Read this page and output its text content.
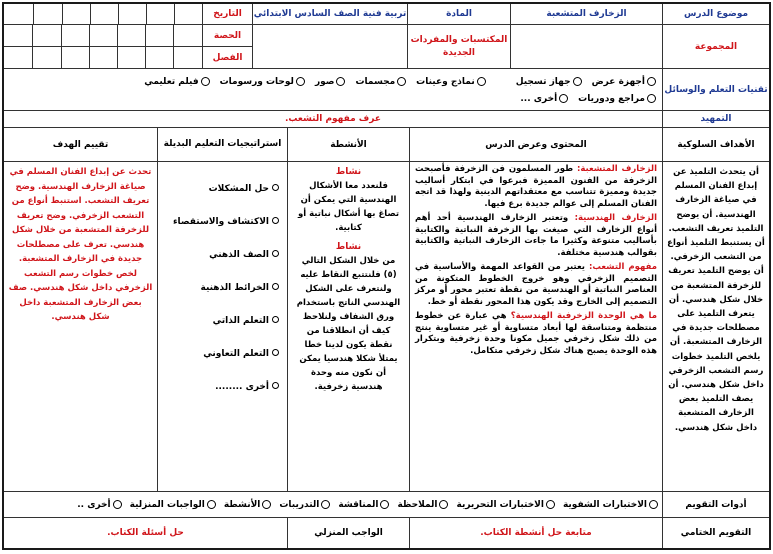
موضوع الدرس
الزخارف المتشعبة
المادة
تربية فنية الصف السادس الابتدائي
التاريخ
المجموعة
المكتسبات والمفردات الجديدة
الحصة
الفصل
تقنيات التعلم والوسائل
أجهزة عرض
جهاز تسجيل
نماذج وعينات
مجسمات
صور
لوحات ورسومات
فيلم تعليمي
مراجع ودوريات
أخرى ...
التمهيد
عرف مفهوم التشعب.
الأهداف السلوكية
المحتوى وعرض الدرس
الأنشطة
استراتيجيات التعليم البديلة
تقييم الهدف
أن يتحدث التلميذ عن إبداع الفنان المسلم في صياغة الزخارف الهندسية. أن يوضح التلميذ تعريف التشعب. أن يستنبط التلميذ أنواع من التشعب الزخرفي. أن يوضح التلميذ تعريف للزخرفة المتشعبة من خلال شكل هندسي. أن يتعرف التلميذ على مصطلحات جديدة في الزخارف المتشعبة. أن يلخص التلميذ خطوات رسم التشعب الزخرفي داخل شكل هندسي. أن يصف التلميذ بعض الزخارف المتشعبة داخل شكل هندسي.
الزخارف المتشعبة: طور المسلمون فن الزخرفة فأصبحت الزخرفة من الفنون المميزة فبرعوا في ابتكار أساليب جديدة ومميزة تتناسب مع معتقداتهم الدينية ولهذا قد اتجه الفنان المسلم إلى عوالم جديدة برع فيها.
الزخارف الهندسية: وتعتبر الزخارف الهندسية أحد أهم أنواع الزخارف التي صيغت بها الزخرفة النباتية والكتابية بأساليب متنوعة وكثيرا ما جاءت الزخارف النباتية والكتابية بقوالب هندسية مختلفة.
مفهوم التشعب: يعتبر من القواعد المهمة والأساسية في التصميم الزخرفي وهو خروج الخطوط المتكونة من العناصر النباتية أو الهندسية من نقطة تعتبر محور أو مركز التصميم إلى الخارج وقد يكون هذا المحور نقطة أو خط.
ما هي الوحدة الزخرفية الهندسية؟ هي عبارة عن خطوط منتظمة ومتناسقة لها أبعاد متساوية أو غير متساوية ينتج من ذلك شكل زخرفي جميل مكونا وحدة زخرفية وبتكرار هذه الوحدة يصبح هناك شكل زخرفي متكامل.
نشاط
فلنعدد معا الأشكال الهندسية التي يمكن أن تصاغ بها أشكال نباتية أو كتابية.
نشاط
من خلال الشكل التالي (٥) فلنتتبع النقاط عليه ولنتعرف على الشكل الهندسي الناتج باستخدام ورق الشفاف ولنلاحظ كيف أن انطلاقنا من نقطة يكون لدينا خطا يمتلأ شكلا هندسيا يمكن أن نكون منه وحدة هندسية زخرفية.
حل المشكلات
الاكتشاف والاستقصاء
الصف الذهني
الخرائط الذهنية
التعلم الذاتي
التعلم التعاوني
أخرى ........
تحدث عن إبداع الفنان المسلم في صياغة الزخارف الهندسية. وضح تعريف التشعب. استنبط أنواع من التشعب الزخرفي. وضح تعريف للزخرفة المتشعبة من خلال شكل هندسي. تعرف على مصطلحات جديدة في الزخارف المتشعبة. لخص خطوات رسم التشعب الزخرفي داخل شكل هندسي. صف بعض الزخارف المتشعبة داخل شكل هندسي.
أدوات التقويم
الاختبارات الشفوية
الاختبارات التحريرية
الملاحظة
المناقشة
التدريبات
الأنشطة
الواجبات المنزلية
أخرى ..
التقويم الختامي
متابعة حل أنشطة الكتاب.
الواجب المنزلي
حل أسئلة الكتاب.
